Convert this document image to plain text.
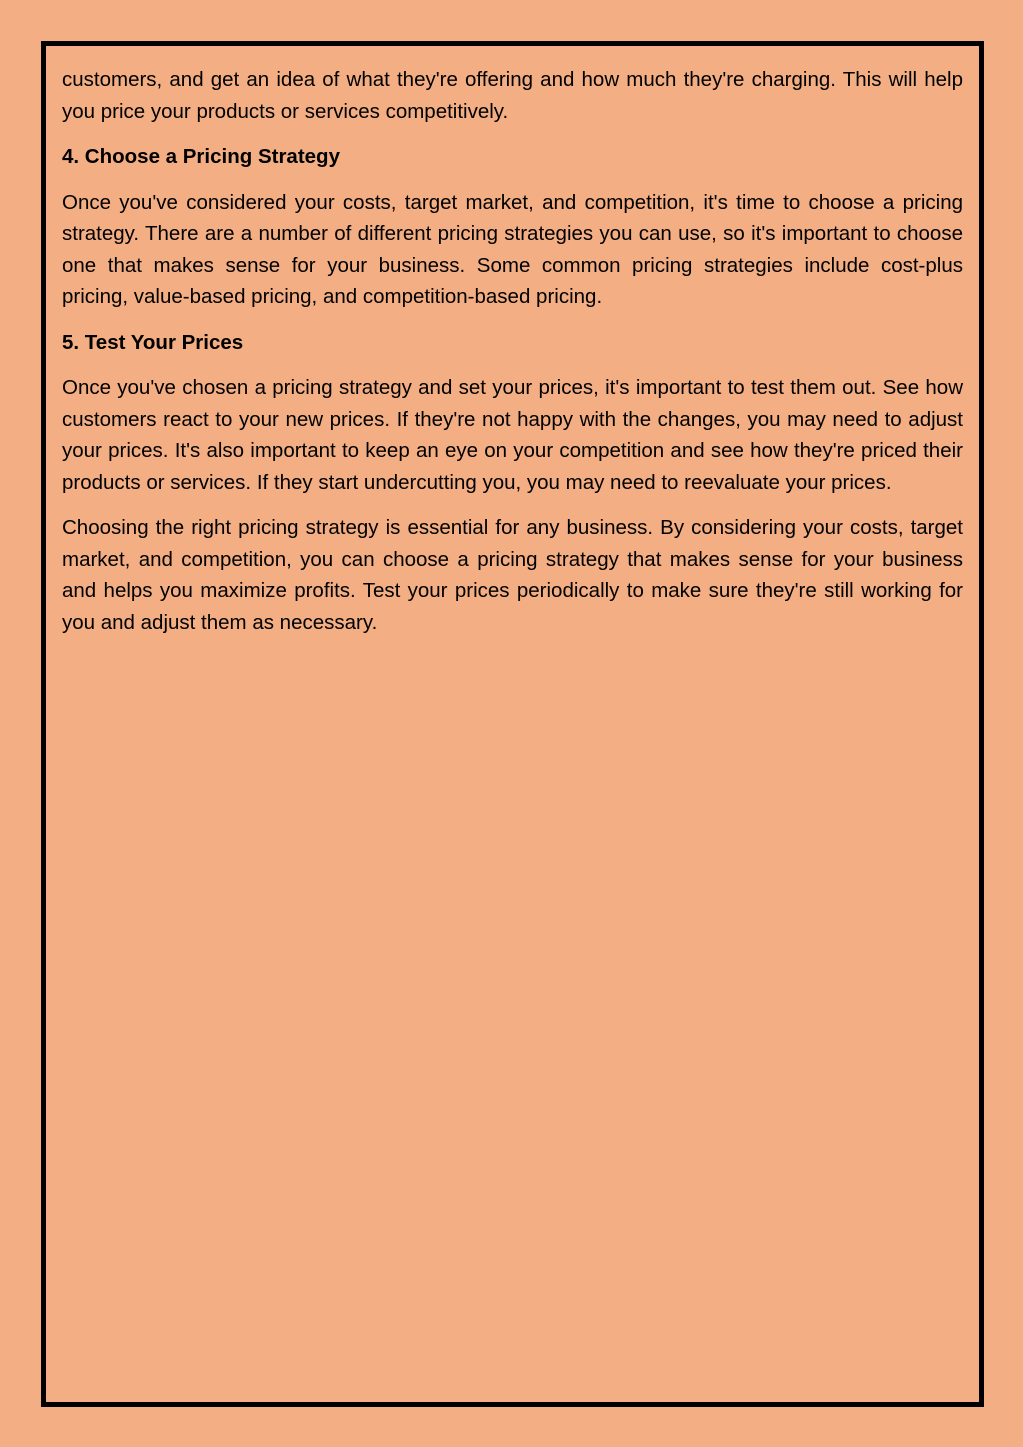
customers, and get an idea of what they're offering and how much they're charging. This will help you price your products or services competitively.

4. Choose a Pricing Strategy

Once you've considered your costs, target market, and competition, it's time to choose a pricing strategy. There are a number of different pricing strategies you can use, so it's important to choose one that makes sense for your business. Some common pricing strategies include cost-plus pricing, value-based pricing, and competition-based pricing.

5. Test Your Prices

Once you've chosen a pricing strategy and set your prices, it's important to test them out. See how customers react to your new prices. If they're not happy with the changes, you may need to adjust your prices. It's also important to keep an eye on your competition and see how they're priced their products or services. If they start undercutting you, you may need to reevaluate your prices.

Choosing the right pricing strategy is essential for any business. By considering your costs, target market, and competition, you can choose a pricing strategy that makes sense for your business and helps you maximize profits. Test your prices periodically to make sure they're still working for you and adjust them as necessary.
